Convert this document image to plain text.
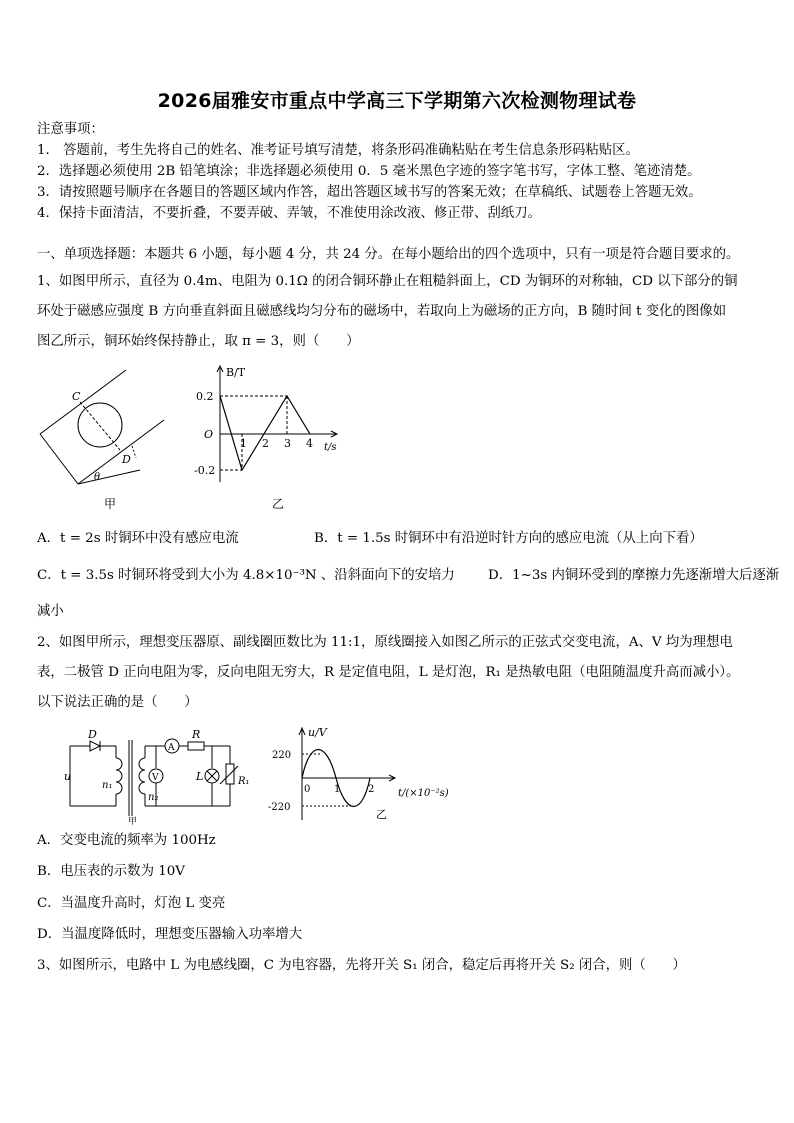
2026届雅安市重点中学高三下学期第六次检测物理试卷
注意事项：
1． 答题前，考生先将自己的姓名、准考证号填写清楚，将条形码准确粘贴在考生信息条形码粘贴区。
2．选择题必须使用 2B 铅笔填涂；非选择题必须使用 0．5 毫米黑色字迹的签字笔书写，字体工整、笔迹清楚。
3．请按照题号顺序在各题目的答题区域内作答，超出答题区域书写的答案无效；在草稿纸、试题卷上答题无效。
4．保持卡面清洁，不要折叠，不要弄破、弄皱，不准使用涂改液、修正带、刮纸刀。
一、单项选择题：本题共 6 小题，每小题 4 分，共 24 分。在每小题给出的四个选项中，只有一项是符合题目要求的。
1、如图甲所示，直径为 0.4m、电阻为 0.1Ω 的闭合铜环静止在粗糙斜面上，CD 为铜环的对称轴，CD 以下部分的铜
环处于磁感应强度 B 方向垂直斜面且磁感线均匀分布的磁场中，若取向上为磁场的正方向，B 随时间 t 变化的图像如
图乙所示，铜环始终保持静止，取 π = 3，则（　　）
C
D
θ
甲
B/T
0.2
O
-0.2
1 2 3 4 t/s
乙
A．t = 2s 时铜环中没有感应电流	B．t = 1.5s 时铜环中有沿逆时针方向的感应电流（从上向下看）
C．t = 3.5s 时铜环将受到大小为 4.8×10⁻³N 、沿斜面向下的安培力 D．1~3s 内铜环受到的摩擦力先逐渐增大后逐渐
减小
2、如图甲所示，理想变压器原、副线圈匝数比为 11:1，原线圈接入如图乙所示的正弦式交变电流，A、V 均为理想电
表，二极管 D 正向电阻为零，反向电阻无穷大，R 是定值电阻，L 是灯泡，R₁ 是热敏电阻（电阻随温度升高而减小）。
以下说法正确的是（　　）
D
u
n₁
n₂
A
V
R
L	R₁
甲
u/V
220
0 1	2
-220
t/(×10⁻²s)
乙
A．交变电流的频率为 100Hz
B．电压表的示数为 10V
C．当温度升高时，灯泡 L 变亮
D．当温度降低时，理想变压器输入功率增大
3、如图所示，电路中 L 为电感线圈，C 为电容器，先将开关 S₁ 闭合，稳定后再将开关 S₂ 闭合，则（　　）
